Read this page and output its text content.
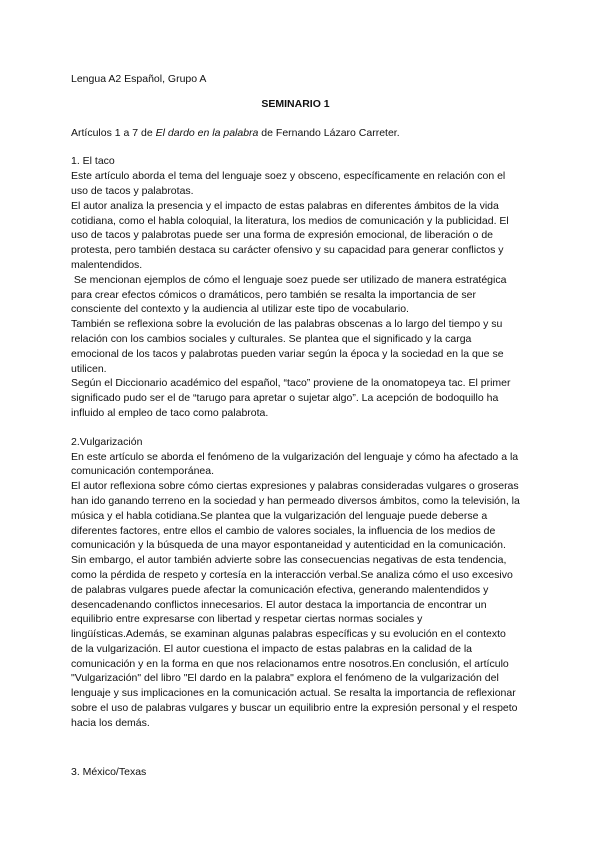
Lengua A2 Español, Grupo A

SEMINARIO 1

Artículos 1 a 7 de El dardo en la palabra de Fernando Lázaro Carreter.

1. El taco

Este artículo aborda el tema del lenguaje soez y obsceno, específicamente en relación con el uso de tacos y palabrotas.

El autor analiza la presencia y el impacto de estas palabras en diferentes ámbitos de la vida cotidiana, como el habla coloquial, la literatura, los medios de comunicación y la publicidad. El uso de tacos y palabrotas puede ser una forma de expresión emocional, de liberación o de protesta, pero también destaca su carácter ofensivo y su capacidad para generar conflictos y malentendidos.

Se mencionan ejemplos de cómo el lenguaje soez puede ser utilizado de manera estratégica para crear efectos cómicos o dramáticos, pero también se resalta la importancia de ser consciente del contexto y la audiencia al utilizar este tipo de vocabulario.

También se reflexiona sobre la evolución de las palabras obscenas a lo largo del tiempo y su relación con los cambios sociales y culturales. Se plantea que el significado y la carga emocional de los tacos y palabrotas pueden variar según la época y la sociedad en la que se utilicen.

Según el Diccionario académico del español, “taco” proviene de la onomatopeya tac. El primer significado pudo ser el de “tarugo para apretar o sujetar algo”. La acepción de bodoquillo ha influido al empleo de taco como palabrota.

2.Vulgarización

En este artículo se aborda el fenómeno de la vulgarización del lenguaje y cómo ha afectado a la comunicación contemporánea.

El autor reflexiona sobre cómo ciertas expresiones y palabras consideradas vulgares o groseras han ido ganando terreno en la sociedad y han permeado diversos ámbitos, como la televisión, la música y el habla cotidiana.Se plantea que la vulgarización del lenguaje puede deberse a diferentes factores, entre ellos el cambio de valores sociales, la influencia de los medios de comunicación y la búsqueda de una mayor espontaneidad y autenticidad en la comunicación. Sin embargo, el autor también advierte sobre las consecuencias negativas de esta tendencia, como la pérdida de respeto y cortesía en la interacción verbal.Se analiza cómo el uso excesivo de palabras vulgares puede afectar la comunicación efectiva, generando malentendidos y desencadenando conflictos innecesarios. El autor destaca la importancia de encontrar un equilibrio entre expresarse con libertad y respetar ciertas normas sociales y lingüísticas.Además, se examinan algunas palabras específicas y su evolución en el contexto de la vulgarización. El autor cuestiona el impacto de estas palabras en la calidad de la comunicación y en la forma en que nos relacionamos entre nosotros.En conclusión, el artículo "Vulgarización" del libro "El dardo en la palabra" explora el fenómeno de la vulgarización del lenguaje y sus implicaciones en la comunicación actual. Se resalta la importancia de reflexionar sobre el uso de palabras vulgares y buscar un equilibrio entre la expresión personal y el respeto hacia los demás.

3. México/Texas
